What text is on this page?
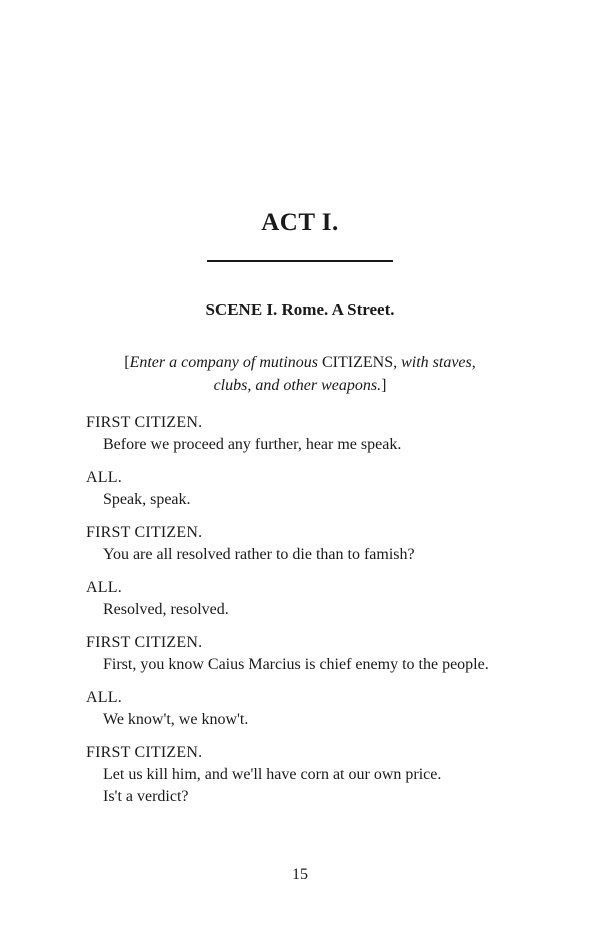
ACT I.
SCENE I. Rome. A Street.

[Enter a company of mutinous CITIZENS, with staves,
clubs, and other weapons.]

FIRST CITIZEN.
Before we proceed any further, hear me speak.
ALL.
Speak, speak.
FIRST CITIZEN.
You are all resolved rather to die than to famish?
ALL.
Resolved, resolved.
FIRST CITIZEN.
First, you know Caius Marcius is chief enemy to the people.
ALL.
We know't, we know't.
FIRST CITIZEN.
Let us kill him, and we'll have corn at our own price.
Is't a verdict?
15
